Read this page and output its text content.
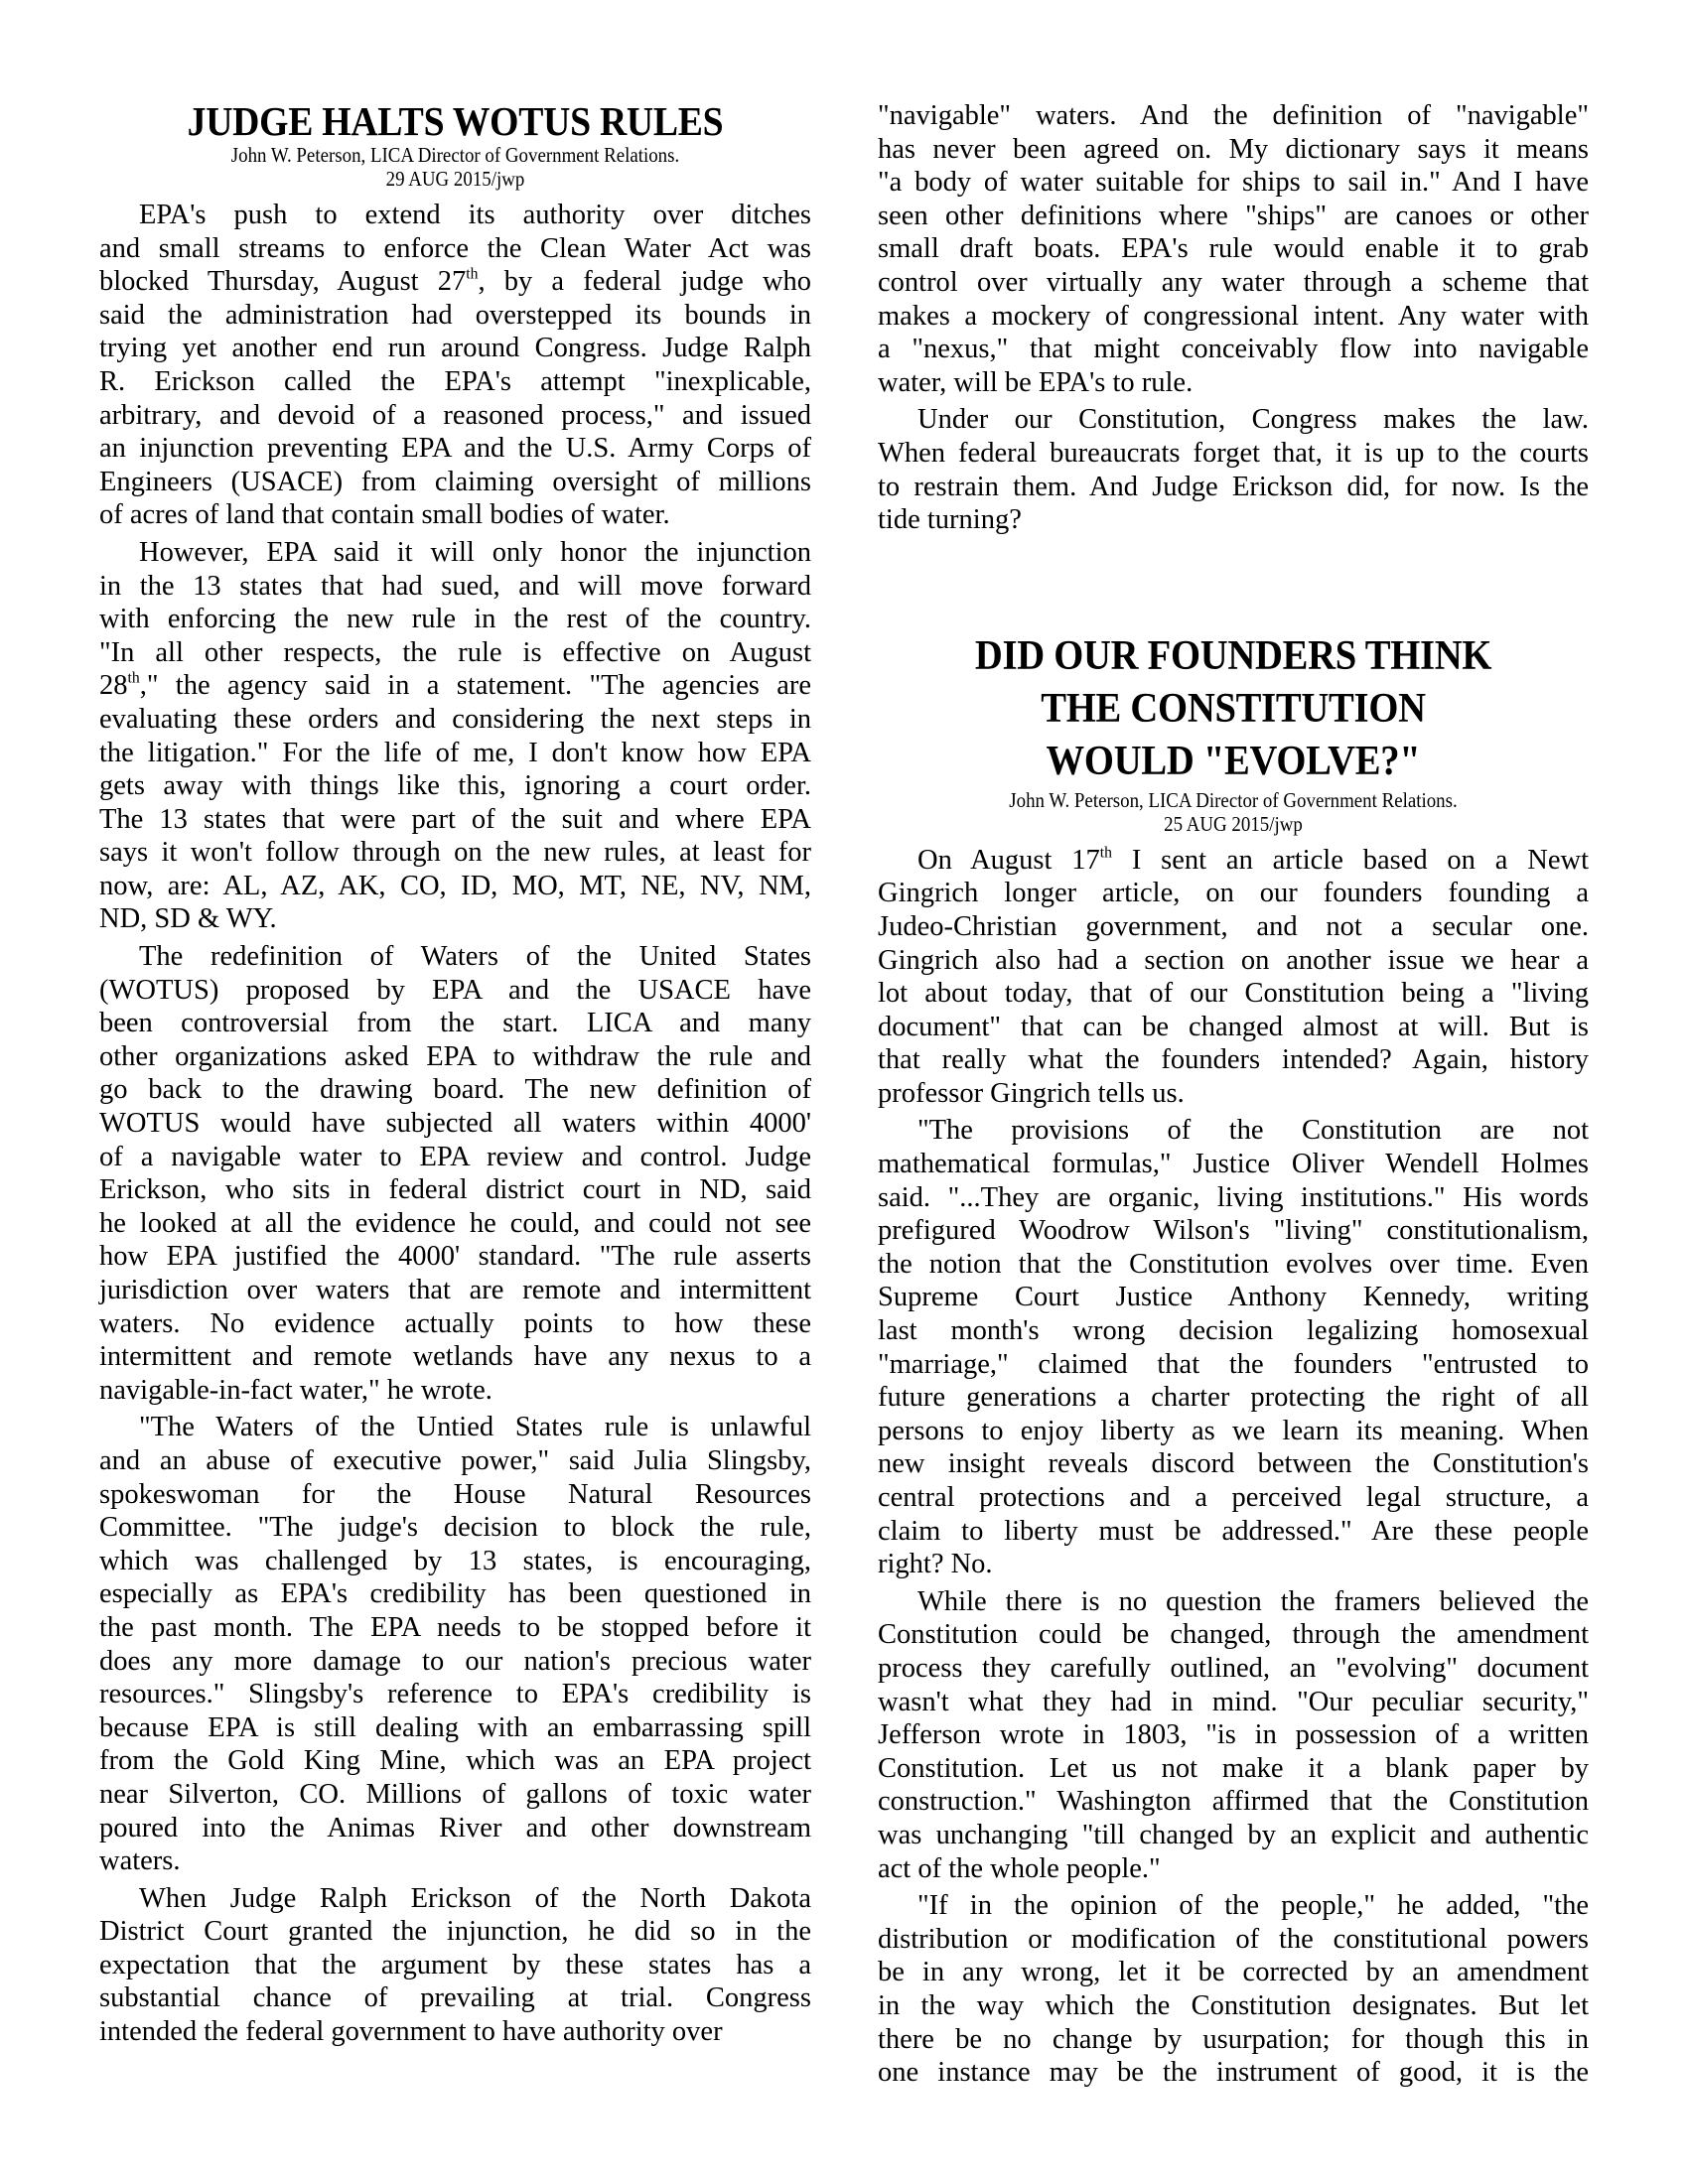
JUDGE HALTS WOTUS RULES
John W. Peterson, LICA Director of Government Relations.
29 AUG 2015/jwp
EPA's push to extend its authority over ditches
and small streams to enforce the Clean Water Act was
blocked Thursday, August 27th, by a federal judge who
said the administration had overstepped its bounds in
trying yet another end run around Congress. Judge Ralph
R. Erickson called the EPA's attempt "inexplicable,
arbitrary, and devoid of a reasoned process," and issued
an injunction preventing EPA and the U.S. Army Corps of
Engineers (USACE) from claiming oversight of millions
of acres of land that contain small bodies of water.
However, EPA said it will only honor the injunction
in the 13 states that had sued, and will move forward
with enforcing the new rule in the rest of the country.
"In all other respects, the rule is effective on August
28th," the agency said in a statement. "The agencies are
evaluating these orders and considering the next steps in
the litigation." For the life of me, I don't know how EPA
gets away with things like this, ignoring a court order.
The 13 states that were part of the suit and where EPA
says it won't follow through on the new rules, at least for
now, are: AL, AZ, AK, CO, ID, MO, MT, NE, NV, NM,
ND, SD & WY.
The redefinition of Waters of the United States
(WOTUS) proposed by EPA and the USACE have
been controversial from the start. LICA and many
other organizations asked EPA to withdraw the rule and
go back to the drawing board. The new definition of
WOTUS would have subjected all waters within 4000'
of a navigable water to EPA review and control. Judge
Erickson, who sits in federal district court in ND, said
he looked at all the evidence he could, and could not see
how EPA justified the 4000' standard. "The rule asserts
jurisdiction over waters that are remote and intermittent
waters. No evidence actually points to how these
intermittent and remote wetlands have any nexus to a
navigable-in-fact water," he wrote.
"The Waters of the Untied States rule is unlawful
and an abuse of executive power," said Julia Slingsby,
spokeswoman for the House Natural Resources
Committee. "The judge's decision to block the rule,
which was challenged by 13 states, is encouraging,
especially as EPA's credibility has been questioned in
the past month. The EPA needs to be stopped before it
does any more damage to our nation's precious water
resources." Slingsby's reference to EPA's credibility is
because EPA is still dealing with an embarrassing spill
from the Gold King Mine, which was an EPA project
near Silverton, CO. Millions of gallons of toxic water
poured into the Animas River and other downstream
waters.
When Judge Ralph Erickson of the North Dakota
District Court granted the injunction, he did so in the
expectation that the argument by these states has a
substantial chance of prevailing at trial. Congress
intended the federal government to have authority over
"navigable" waters. And the definition of "navigable"
has never been agreed on. My dictionary says it means
"a body of water suitable for ships to sail in." And I have
seen other definitions where "ships" are canoes or other
small draft boats. EPA's rule would enable it to grab
control over virtually any water through a scheme that
makes a mockery of congressional intent. Any water with
a "nexus," that might conceivably flow into navigable
water, will be EPA's to rule.
Under our Constitution, Congress makes the law.
When federal bureaucrats forget that, it is up to the courts
to restrain them. And Judge Erickson did, for now. Is the
tide turning?
DID OUR FOUNDERS THINK
THE CONSTITUTION
WOULD "EVOLVE?"
John W. Peterson, LICA Director of Government Relations.
25 AUG 2015/jwp
On August 17th I sent an article based on a Newt
Gingrich longer article, on our founders founding a
Judeo-Christian government, and not a secular one.
Gingrich also had a section on another issue we hear a
lot about today, that of our Constitution being a "living
document" that can be changed almost at will. But is
that really what the founders intended? Again, history
professor Gingrich tells us.
"The provisions of the Constitution are not
mathematical formulas," Justice Oliver Wendell Holmes
said. "...They are organic, living institutions." His words
prefigured Woodrow Wilson's "living" constitutionalism,
the notion that the Constitution evolves over time. Even
Supreme Court Justice Anthony Kennedy, writing
last month's wrong decision legalizing homosexual
"marriage," claimed that the founders "entrusted to
future generations a charter protecting the right of all
persons to enjoy liberty as we learn its meaning. When
new insight reveals discord between the Constitution's
central protections and a perceived legal structure, a
claim to liberty must be addressed." Are these people
right? No.
While there is no question the framers believed the
Constitution could be changed, through the amendment
process they carefully outlined, an "evolving" document
wasn't what they had in mind. "Our peculiar security,"
Jefferson wrote in 1803, "is in possession of a written
Constitution. Let us not make it a blank paper by
construction." Washington affirmed that the Constitution
was unchanging "till changed by an explicit and authentic
act of the whole people."
"If in the opinion of the people," he added, "the
distribution or modification of the constitutional powers
be in any wrong, let it be corrected by an amendment
in the way which the Constitution designates. But let
there be no change by usurpation; for though this in
one instance may be the instrument of good, it is the
